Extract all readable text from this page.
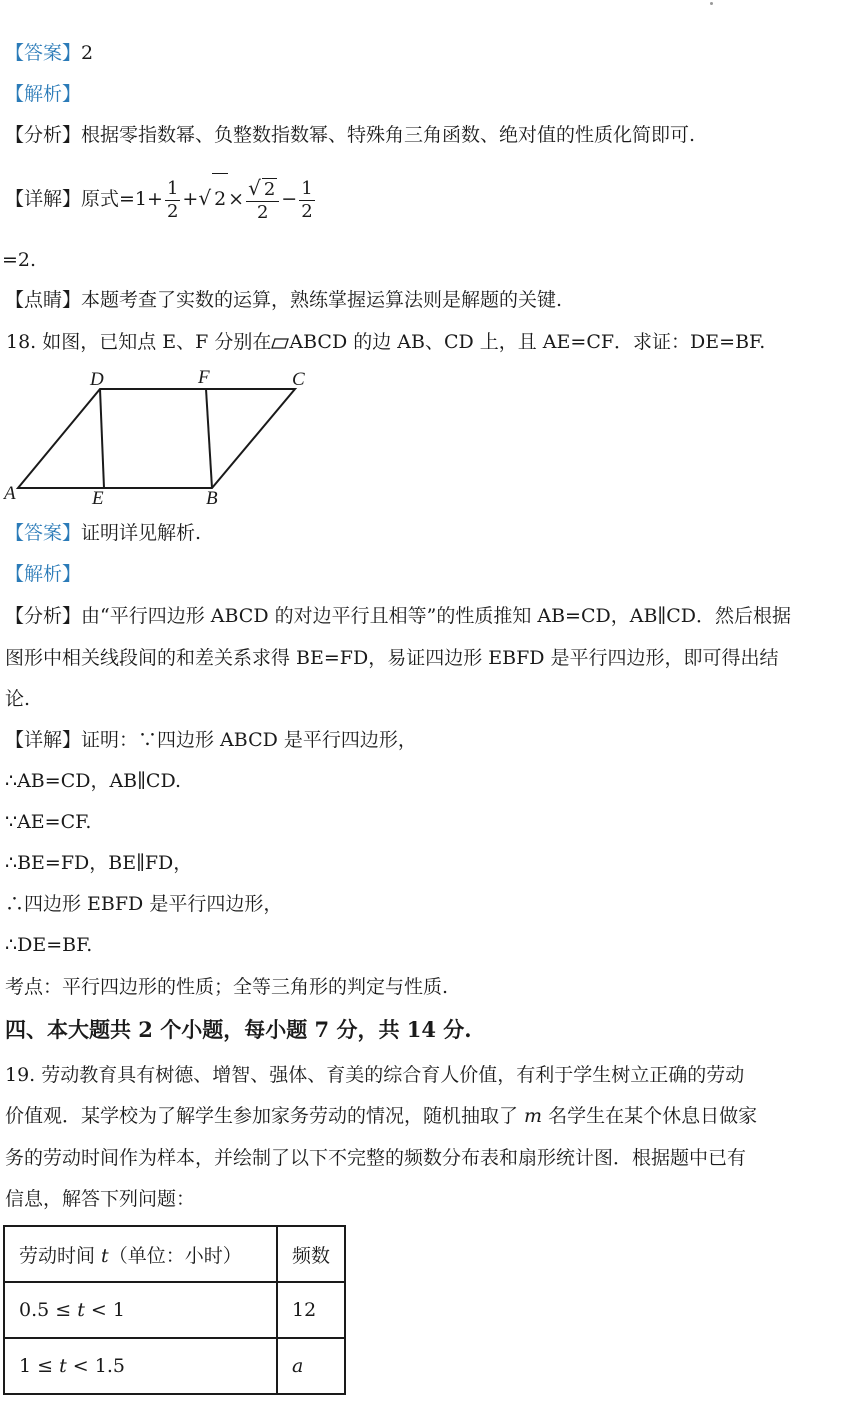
【答案】2
【解析】
【分析】根据零指数幂、负整数指数幂、特殊角三角函数、绝对值的性质化简即可.
【详解】原式$=1+ \frac{1}{2}$ +√ $2 \times \frac{√ 2}{2} - \frac{1}{2}$
=2.
【点睛】本题考查了实数的运算，熟练掌握运算法则是解题的关键.
18. 如图，已知点 E、F 分别在 ABCD 的边 AB、CD 上，且 AE=CF．求证：DE=BF.
D	F	C
A	E	B
【答案】证明详见解析.
【解析】
【分析】由“平行四边形 ABCD 的对边平行且相等”的性质推知 AB=CD，AB∥CD．然后根据
图形中相关线段间的和差关系求得 BE=FD，易证四边形 EBFD 是平行四边形，即可得出结
论.
【详解】证明：∵四边形 ABCD 是平行四边形，
∴AB=CD，AB∥CD.
∵AE=CF.
∴BE=FD，BE∥FD，
∴四边形 EBFD 是平行四边形，
∴DE=BF.
考点：平行四边形的性质；全等三角形的判定与性质.
四、本大题共 2 个小题，每小题 7 分，共 14 分.
19. 劳动教育具有树德、增智、强体、育美的综合育人价值，有利于学生树立正确的劳动
价值观．某学校为了解学生参加家务劳动的情况，随机抽取了 m 名学生在某个休息日做家
务的劳动时间作为样本，并绘制了以下不完整的频数分布表和扇形统计图．根据题中已有
信息，解答下列问题：
劳动时间 t（单位：小时）	频数
0.5 ≤ t < 1	12
1 ≤ t < 1.5	a
